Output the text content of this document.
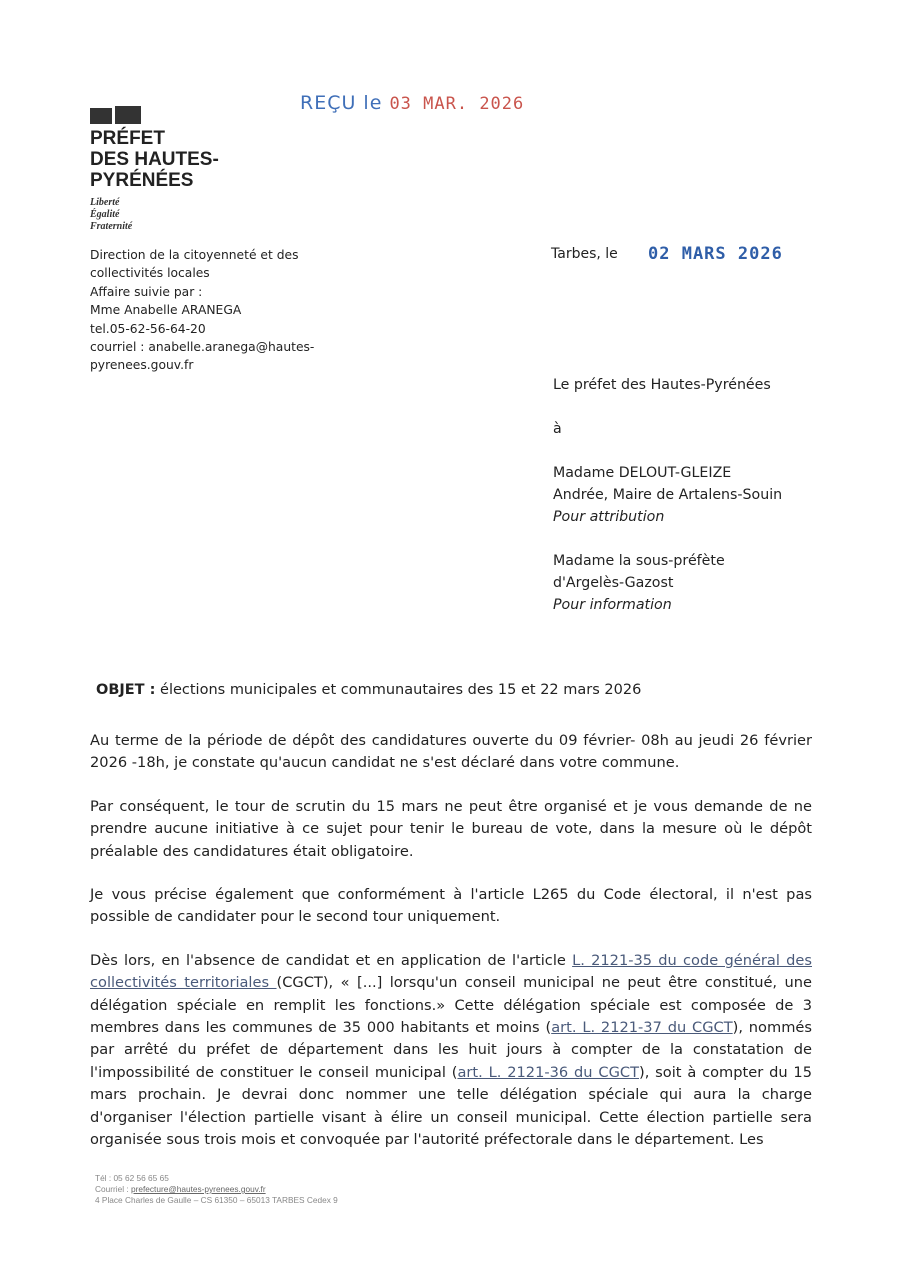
REÇU le 03 MAR. 2026
PRÉFET
DES HAUTES-
PYRÉNÉES
Liberté
Égalité
Fraternité
Direction de la citoyenneté et des
collectivités locales
Affaire suivie par :
Mme Anabelle ARANEGA
tel.05-62-56-64-20
courriel : anabelle.aranega@hautes-
pyrenees.gouv.fr
Tarbes, le 02 MARS 2026
Le préfet des Hautes-Pyrénées
à
Madame DELOUT-GLEIZE
Andrée, Maire de Artalens-Souin
Pour attribution
Madame la sous-préfète
d'Argelès-Gazost
Pour information
OBJET : élections municipales et communautaires des 15 et 22 mars 2026

Au terme de la période de dépôt des candidatures ouverte du 09 février- 08h au jeudi 26 février 2026 -18h, je constate qu'aucun candidat ne s'est déclaré dans votre commune.

Par conséquent, le tour de scrutin du 15 mars ne peut être organisé et je vous demande de ne prendre aucune initiative à ce sujet pour tenir le bureau de vote, dans la mesure où le dépôt préalable des candidatures était obligatoire.

Je vous précise également que conformément à l'article L265 du Code électoral, il n'est pas possible de candidater pour le second tour uniquement.

Dès lors, en l'absence de candidat et en application de l'article L. 2121-35 du code général des collectivités territoriales (CGCT), « [...] lorsqu'un conseil municipal ne peut être constitué, une délégation spéciale en remplit les fonctions.» Cette délégation spéciale est composée de 3 membres dans les communes de 35 000 habitants et moins (art. L. 2121-37 du CGCT), nommés par arrêté du préfet de département dans les huit jours à compter de la constatation de l'impossibilité de constituer le conseil municipal (art. L. 2121-36 du CGCT), soit à compter du 15 mars prochain. Je devrai donc nommer une telle délégation spéciale qui aura la charge d'organiser l'élection partielle visant à élire un conseil municipal. Cette élection partielle sera organisée sous trois mois et convoquée par l'autorité préfectorale dans le département. Les

Tél : 05 62 56 65 65
Courriel : prefecture@hautes-pyrenees.gouv.fr
4 Place Charles de Gaulle – CS 61350 – 65013 TARBES Cedex 9
